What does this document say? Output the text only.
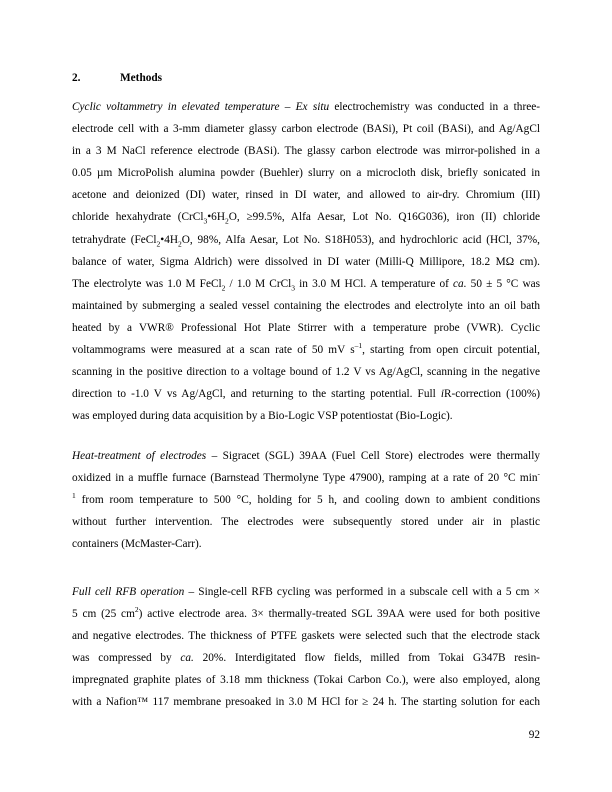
2.	Methods
Cyclic voltammetry in elevated temperature – Ex situ electrochemistry was conducted in a three-
electrode cell with a 3-mm diameter glassy carbon electrode (BASi), Pt coil (BASi), and Ag/AgCl
in a 3 M NaCl reference electrode (BASi). The glassy carbon electrode was mirror-polished in a
0.05 µm MicroPolish alumina powder (Buehler) slurry on a microcloth disk, briefly sonicated in
acetone and deionized (DI) water, rinsed in DI water, and allowed to air-dry. Chromium (III)
chloride hexahydrate ($CrCl_3•6H_2O$, ≥99.5%, Alfa Aesar, Lot No. Q16G036), iron (II) chloride
tetrahydrate ($FeCl_2•4H_2O$, 98%, Alfa Aesar, Lot No. S18H053), and hydrochloric acid (HCl, 37%,
balance of water, Sigma Aldrich) were dissolved in DI water (Milli-Q Millipore, 18.2 MΩ cm).
The electrolyte was 1.0 M FeCl$_2$ / 1.0 M CrCl$_3$ in 3.0 M HCl. A temperature of ca. 50 ± 5 °C was
maintained by submerging a sealed vessel containing the electrodes and electrolyte into an oil bath
heated by a VWR® Professional Hot Plate Stirrer with a temperature probe (VWR). Cyclic
voltammograms were measured at a scan rate of 50 mV $s^{-1}$, starting from open circuit potential,
scanning in the positive direction to a voltage bound of 1.2 V vs Ag/AgCl, scanning in the negative
direction to -1.0 V vs Ag/AgCl, and returning to the starting potential. Full iR-correction (100%)
was employed during data acquisition by a Bio-Logic VSP potentiostat (Bio-Logic).
Heat-treatment of electrodes – Sigracet (SGL) 39AA (Fuel Cell Store) electrodes were thermally
oxidized in a muffle furnace (Barnstead Thermolyne Type 47900), ramping at a rate of 20 °C min-
$^1$ from room temperature to 500 °C, holding for 5 h, and cooling down to ambient conditions
without further intervention. The electrodes were subsequently stored under air in plastic
containers (McMaster-Carr).
Full cell RFB operation – Single-cell RFB cycling was performed in a subscale cell with a 5 cm ×
5 cm (25 $cm^2$) active electrode area. 3× thermally-treated SGL 39AA were used for both positive
and negative electrodes. The thickness of PTFE gaskets were selected such that the electrode stack
was compressed by ca. 20%. Interdigitated flow fields, milled from Tokai G347B resin-
impregnated graphite plates of 3.18 mm thickness (Tokai Carbon Co.), were also employed, along
with a Nafion™ 117 membrane presoaked in 3.0 M HCl for ≥ 24 h. The starting solution for each
92
